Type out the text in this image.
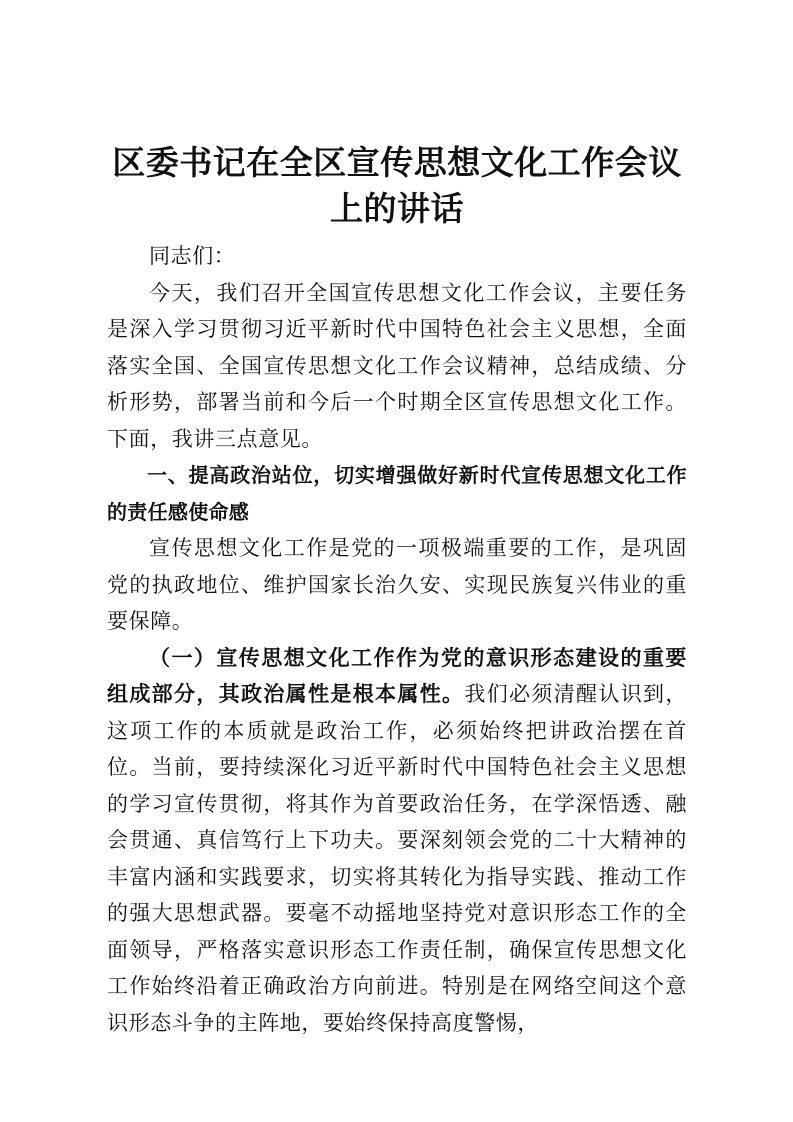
区委书记在全区宣传思想文化工作会议上的讲话

同志们：

今天，我们召开全国宣传思想文化工作会议，主要任务是深入学习贯彻习近平新时代中国特色社会主义思想，全面落实全国、全国宣传思想文化工作会议精神，总结成绩、分析形势，部署当前和今后一个时期全区宣传思想文化工作。下面，我讲三点意见。

一、提高政治站位，切实增强做好新时代宣传思想文化工作的责任感使命感

宣传思想文化工作是党的一项极端重要的工作，是巩固党的执政地位、维护国家长治久安、实现民族复兴伟业的重要保障。

（一）宣传思想文化工作作为党的意识形态建设的重要组成部分，其政治属性是根本属性。我们必须清醒认识到，这项工作的本质就是政治工作，必须始终把讲政治摆在首位。当前，要持续深化习近平新时代中国特色社会主义思想的学习宣传贯彻，将其作为首要政治任务，在学深悟透、融会贯通、真信笃行上下功夫。要深刻领会党的二十大精神的丰富内涵和实践要求，切实将其转化为指导实践、推动工作的强大思想武器。要毫不动摇地坚持党对意识形态工作的全面领导，严格落实意识形态工作责任制，确保宣传思想文化工作始终沿着正确政治方向前进。特别是在网络空间这个意识形态斗争的主阵地，要始终保持高度警惕，
